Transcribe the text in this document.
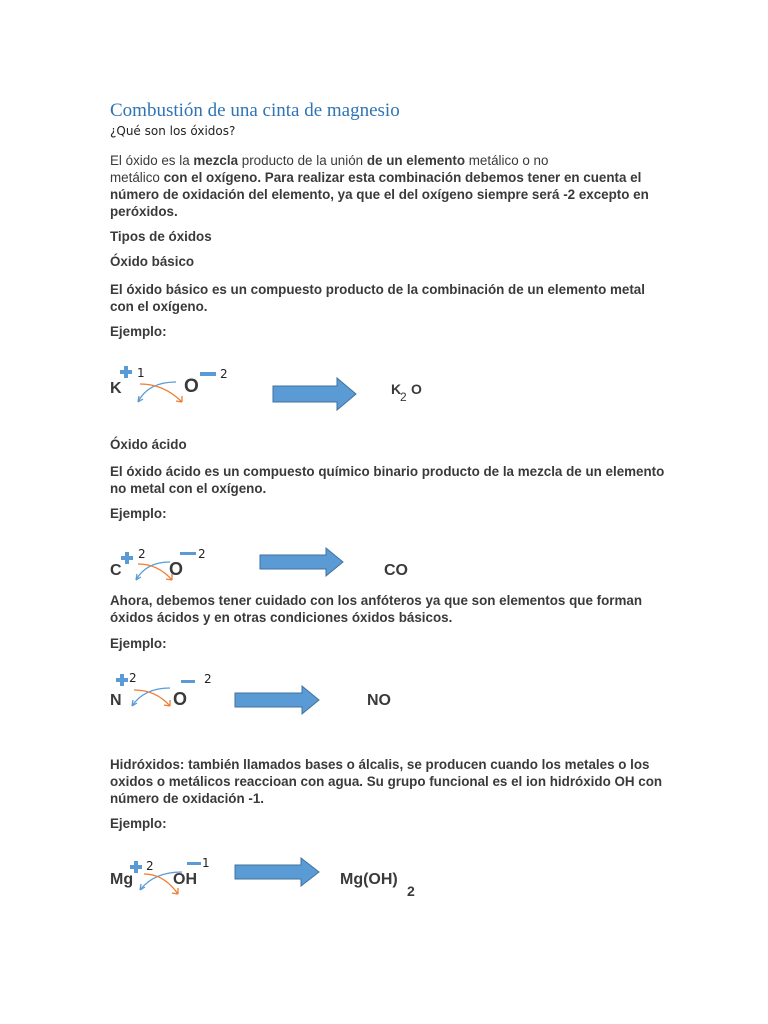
Combustión de una cinta de magnesio
¿Qué son los óxidos?
El óxido es la mezcla producto de la unión de un elemento metálico o no
metálico con el oxígeno. Para realizar esta combinación debemos tener en cuenta el número de oxidación del elemento, ya que el del oxígeno siempre será -2 excepto en peróxidos.
Tipos de óxidos
Óxido básico
El óxido básico es un compuesto producto de la combinación de un elemento metal con el oxígeno.
Ejemplo:
K
1
O
2
K
2 O
Óxido ácido
El óxido ácido es un compuesto químico binario producto de la mezcla de un elemento no metal con el oxígeno.
Ejemplo:
C
2
O
2
CO
Ahora, debemos tener cuidado con los anfóteros ya que son elementos que forman óxidos ácidos y en otras condiciones óxidos básicos.
Ejemplo:
N
2
O
2
NO
Hidróxidos: también llamados bases o álcalis, se producen cuando los metales o los oxidos o metálicos reaccioan con agua. Su grupo funcional es el ion hidróxido OH con número de oxidación -1.
Ejemplo:
Mg
2
OH
1
Mg(OH)
2
